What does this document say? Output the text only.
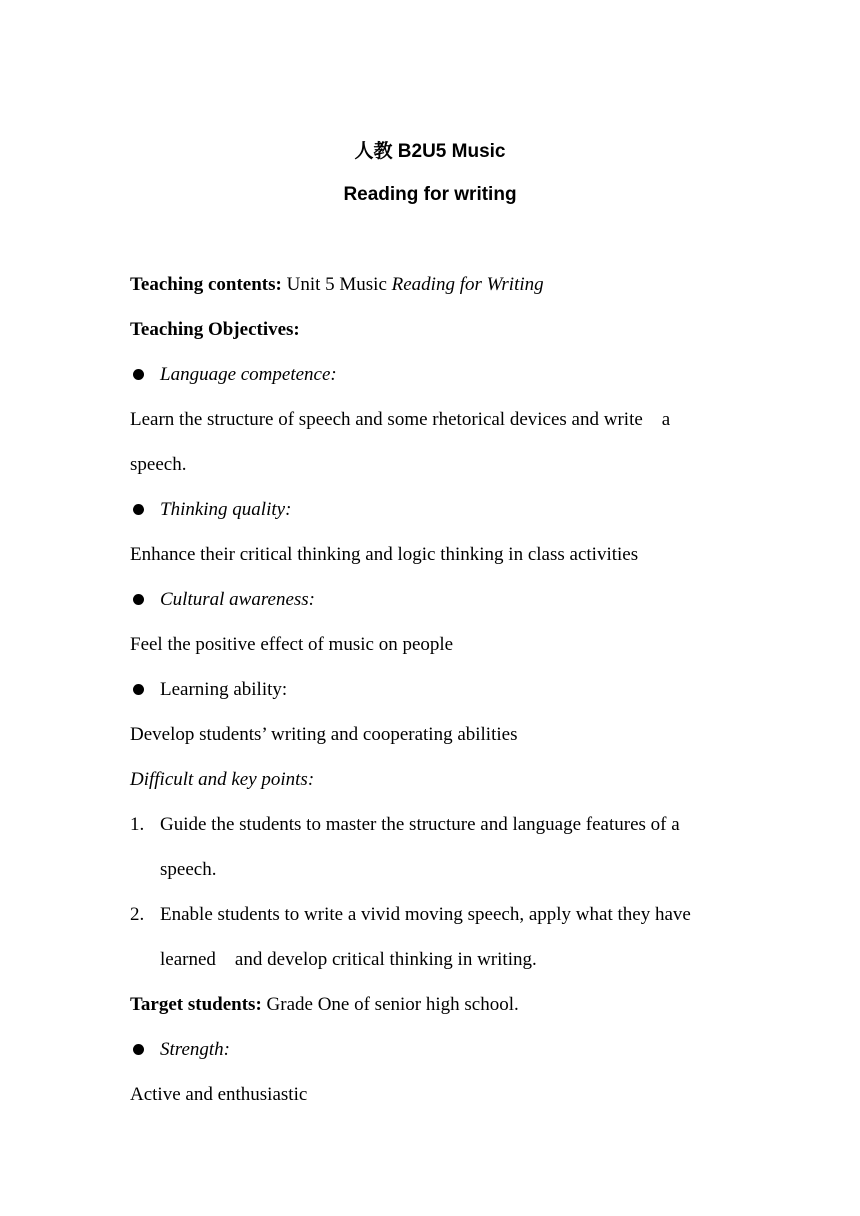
人教 B2U5 Music
Reading for writing
Teaching contents: Unit 5 Music Reading for Writing
Teaching Objectives:
Language competence:
Learn the structure of speech and some rhetorical devices and write    a
speech.
Thinking quality:
Enhance their critical thinking and logic thinking in class activities
Cultural awareness:
Feel the positive effect of music on people
Learning ability:
Develop students’ writing and cooperating abilities
Difficult and key points:
1. Guide the students to master the structure and language features of a
speech.
2. Enable students to write a vivid moving speech, apply what they have
learned    and develop critical thinking in writing.
Target students: Grade One of senior high school.
Strength:
Active and enthusiastic
